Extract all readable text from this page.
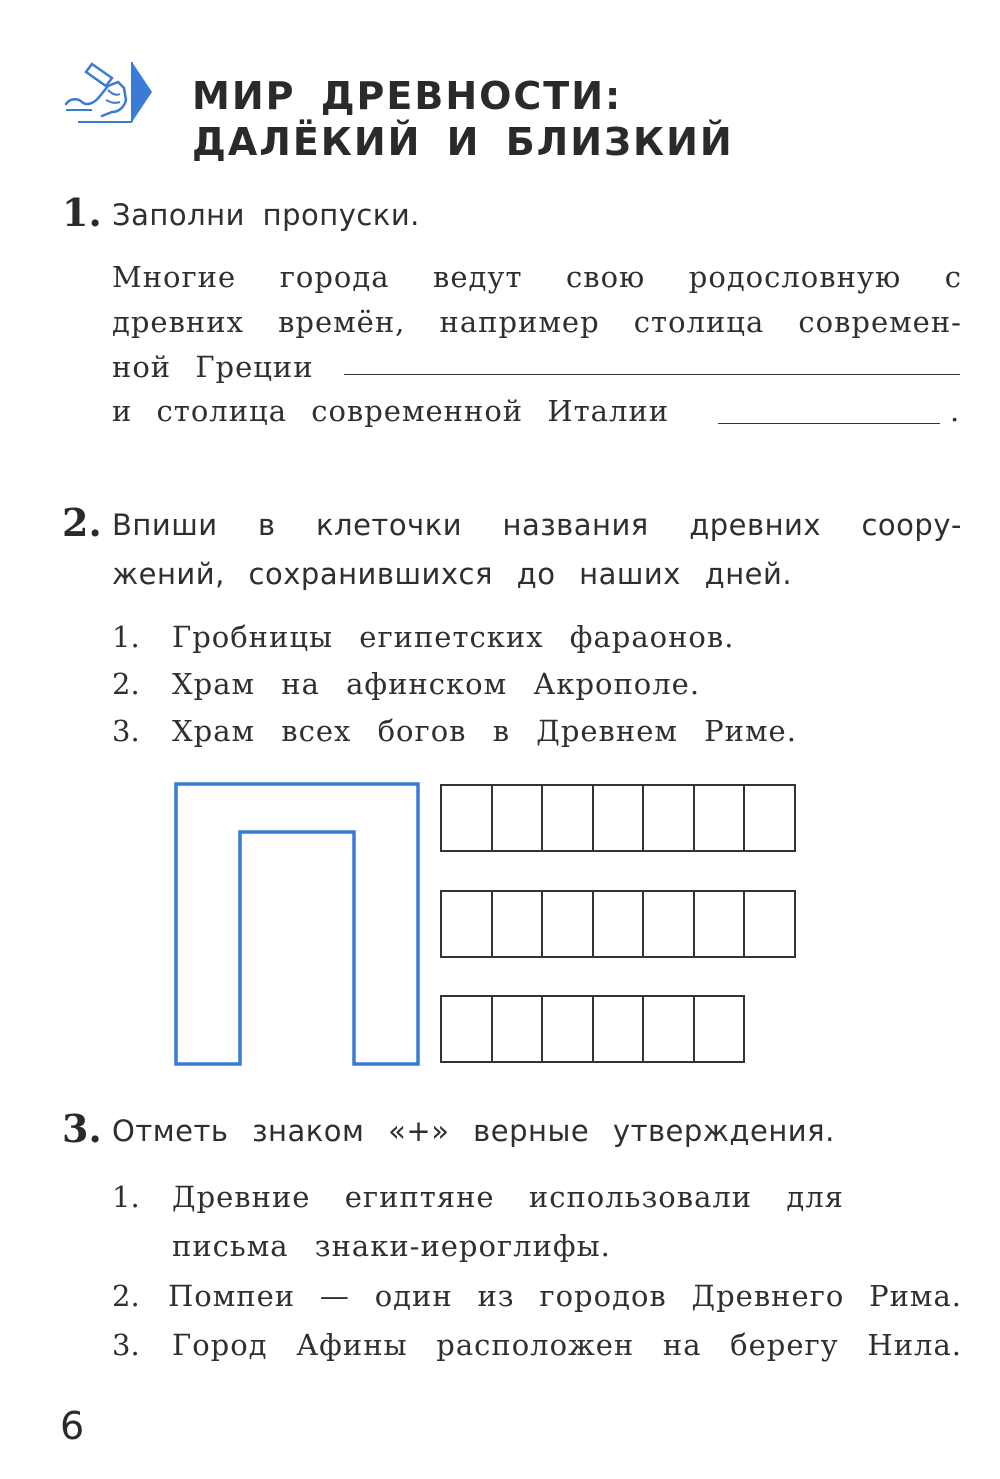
МИР ДРЕВНОСТИ:
ДАЛЁКИЙ И БЛИЗКИЙ
1. Заполни пропуски.
Многие города ведут свою родословную с
древних времён, например столица современ-
ной Греции
и столица современной Италии	.
2. Впиши в клеточки названия древних соору-
жений, сохранившихся до наших дней.
1. Гробницы египетских фараонов.
2. Храм на афинском Акрополе.
3. Храм всех богов в Древнем Риме.
3. Отметь знаком «+» верные утверждения.
1. Древние египтяне использовали для
письма знаки-иероглифы.
2. Помпеи — один из городов Древнего Рима.
3. Город Афины расположен на берегу Нила.
6
